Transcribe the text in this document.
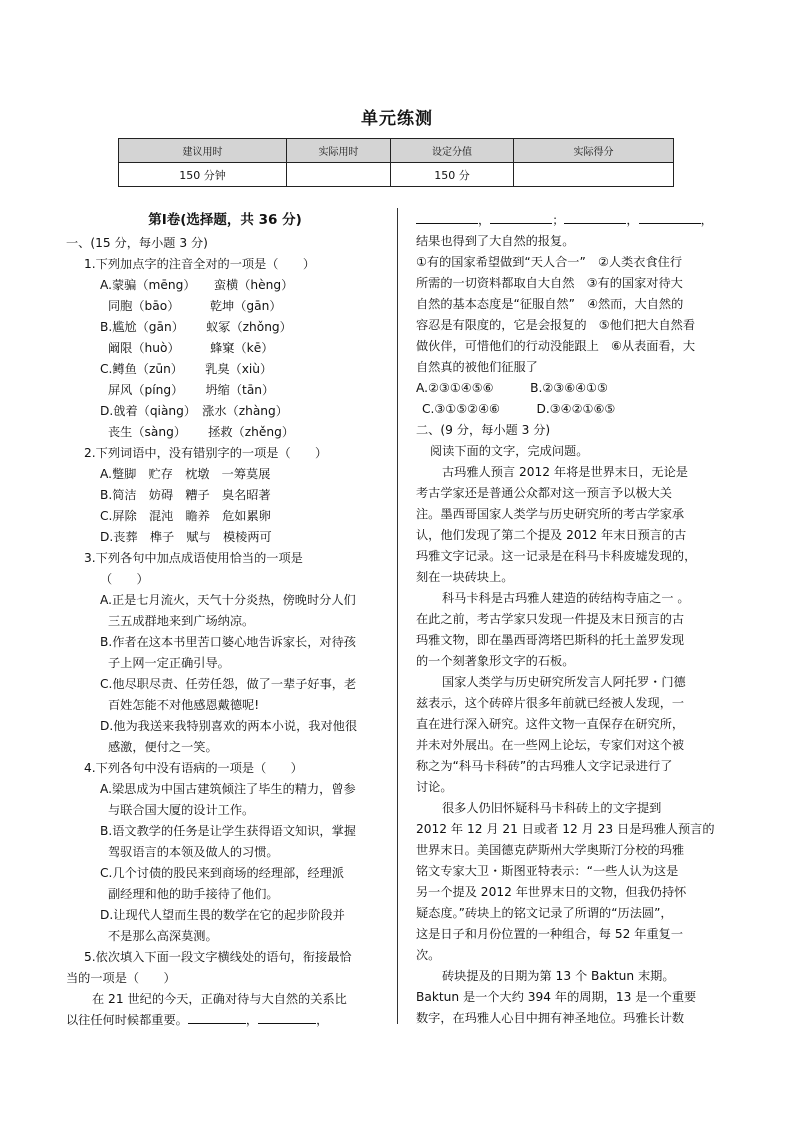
单元练测
建议用时	实际用时	设定分值	实际得分
150 分钟		150 分	
第Ⅰ卷(选择题，共 36 分)
一、(15 分，每小题 3 分)
1.下列加点字的注音全对的一项是（　　）
A.蒙骗（mēng）　　蛮横（hèng）
同胞（bāo）　　　乾坤（gān）
B.尴尬（gān）　　 蚁冢（zhǒng）
阚限（huò）　　　蜂窠（kē）
C.鳟鱼（zūn）　　 乳臭（xiù）
屏风（píng）　　 坍缩（tān）
D.戗着（qiàng）　涨水（zhàng）
丧生（sàng）　　 拯救（zhěng）
2.下列词语中，没有错别字的一项是（　　）
A.蹩脚　贮存　枕墩　一筹莫展
B.简洁　妨碍　糟子　臭名昭著
C.屏除　混沌　瞻养　危如累卵
D.丧葬　榫子　赋与　模棱两可
3.下列各句中加点成语使用恰当的一项是
（　　）
A.正是七月流火，天气十分炎热，傍晚时分人们
三五成群地来到广场纳凉。
B.作者在这本书里苦口婆心地告诉家长，对待孩
子上网一定正确引导。
C.他尽职尽责、任劳任怨，做了一辈子好事，老
百姓怎能不对他感恩戴德呢!
D.他为我送来我特别喜欢的两本小说，我对他很
感激，便付之一笑。
4.下列各句中没有语病的一项是（　　）
A.梁思成为中国古建筑倾注了毕生的精力，曾参
与联合国大厦的设计工作。
B.语文教学的任务是让学生获得语文知识，掌握
驾驭语言的本领及做人的习惯。
C.几个讨债的股民来到商场的经理部，经理派
副经理和他的助手接待了他们。
D.让现代人望而生畏的数学在它的起步阶段并
不是那么高深莫测。
5.依次填入下面一段文字横线处的语句，衔接最恰
当的一项是（　　）
在 21 世纪的今天，正确对待与大自然的关系比
以往任何时候都重要。	，	，
，	；	，	，
结果也得到了大自然的报复。
①有的国家希望做到“天人合一”　②人类衣食住行
所需的一切资料都取自大自然　③有的国家对待大
自然的基本态度是“征服自然”　④然而，大自然的
容忍是有限度的，它是会报复的　⑤他们把大自然看
做伙伴，可惜他们的行动没能跟上　⑥从表面看，大
自然真的被他们征服了
A.②③①④⑤⑥　　　B.②③⑥④①⑤
C.③①⑤②④⑥　　　D.③④②①⑥⑤
二、(9 分，每小题 3 分)
阅读下面的文字，完成问题。
古玛雅人预言 2012 年将是世界末日，无论是
考古学家还是普通公众都对这一预言予以极大关
注。墨西哥国家人类学与历史研究所的考古学家承
认，他们发现了第二个提及 2012 年末日预言的古
玛雅文字记录。这一记录是在科马卡科废墟发现的，
刻在一块砖块上。
科马卡科是古玛雅人建造的砖结构寺庙之一 。
在此之前，考古学家只发现一件提及末日预言的古
玛雅文物，即在墨西哥湾塔巴斯科的托土盖罗发现
的一个刻著象形文字的石板。
国家人类学与历史研究所发言人阿托罗・门德
兹表示，这个砖碎片很多年前就已经被人发现，一
直在进行深入研究。这件文物一直保存在研究所，
并未对外展出。在一些网上论坛，专家们对这个被
称之为“科马卡科砖”的古玛雅人文字记录进行了
讨论。
很多人仍旧怀疑科马卡科砖上的文字提到
2012 年 12 月 21 日或者 12 月 23 日是玛雅人预言的
世界末日。美国德克萨斯州大学奥斯汀分校的玛雅
铭文专家大卫・斯图亚特表示：“一些人认为这是
另一个提及 2012 年世界末日的文物，但我仍持怀
疑态度。”砖块上的铭文记录了所谓的“历法圆”，
这是日子和月份位置的一种组合，每 52 年重复一
次。
砖块提及的日期为第 13 个 Baktun 末期。
Baktun 是一个大约 394 年的周期，13 是一个重要
数字，在玛雅人心目中拥有神圣地位。玛雅长计数
